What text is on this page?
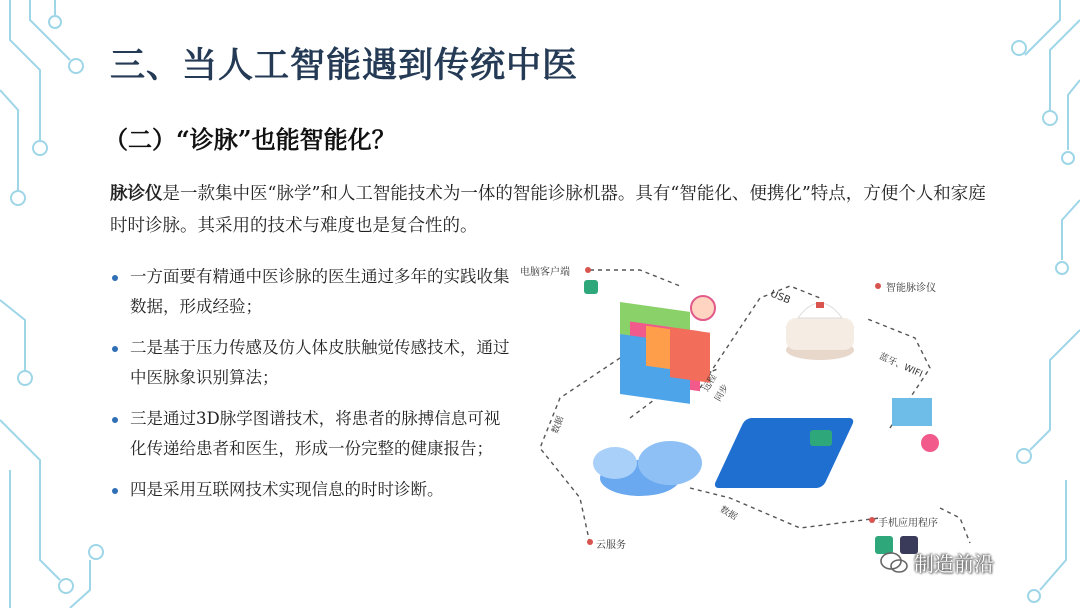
三、当人工智能遇到传统中医
（二）“诊脉”也能智能化？
脉诊仪是一款集中医“脉学”和人工智能技术为一体的智能诊脉机器。具有“智能化、便携化”特点，方便个人和家庭时时诊脉。其采用的技术与难度也是复合性的。
一方面要有精通中医诊脉的医生通过多年的实践收集数据，形成经验；
二是基于压力传感及仿人体皮肤触觉传感技术，通过中医脉象识别算法；
三是通过3D脉学图谱技术，将患者的脉搏信息可视化传递给患者和医生，形成一份完整的健康报告；
四是采用互联网技术实现信息的时时诊断。
电脑客户端
智能脉诊仪
USB
蓝牙、WIFI
远程
同步
数据
数据
手机应用程序
云服务
制造前沿
